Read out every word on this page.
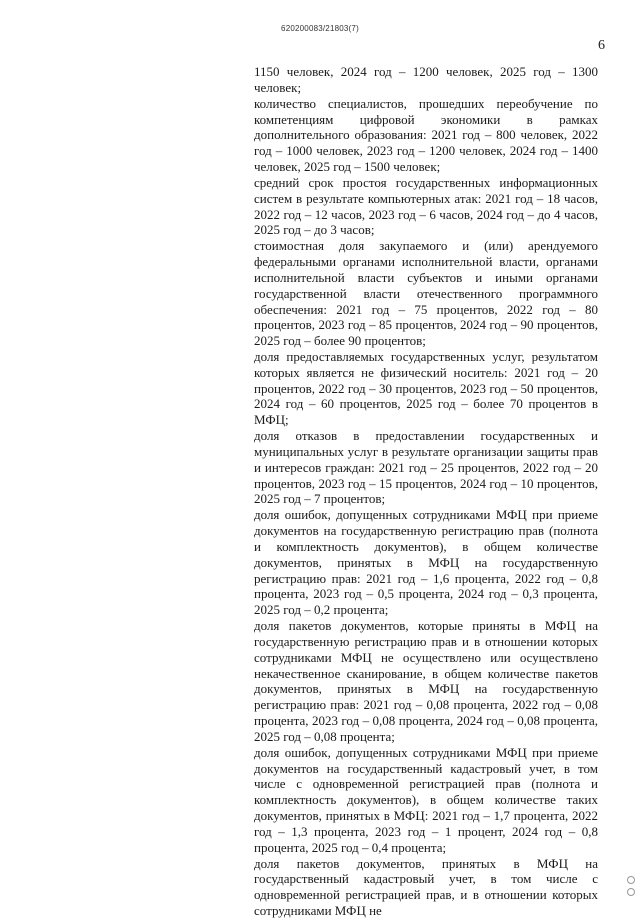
620200083/21803(7)
6

1150 человек, 2024 год – 1200 человек, 2025 год – 1300 человек;

количество специалистов, прошедших переобучение по компетенциям цифровой экономики в рамках дополнительного образования: 2021 год – 800 человек, 2022 год – 1000 человек, 2023 год – 1200 человек, 2024 год – 1400 человек, 2025 год – 1500 человек;

средний срок простоя государственных информационных систем в результате компьютерных атак: 2021 год – 18 часов, 2022 год – 12 часов, 2023 год – 6 часов, 2024 год – до 4 часов, 2025 год – до 3 часов;

стоимостная доля закупаемого и (или) арендуемого федеральными органами исполнительной власти, органами исполнительной власти субъектов и иными органами государственной власти отечественного программного обеспечения: 2021 год – 75 процентов, 2022 год – 80 процентов, 2023 год – 85 процентов, 2024 год – 90 процентов, 2025 год – более 90 процентов;

доля предоставляемых государственных услуг, результатом которых является не физический носитель: 2021 год – 20 процентов, 2022 год – 30 процентов, 2023 год – 50 процентов, 2024 год – 60 процентов, 2025 год – более 70 процентов в МФЦ;

доля отказов в предоставлении государственных и муниципальных услуг в результате организации защиты прав и интересов граждан: 2021 год – 25 процентов, 2022 год – 20 процентов, 2023 год – 15 процентов, 2024 год – 10 процентов, 2025 год – 7 процентов;

доля ошибок, допущенных сотрудниками МФЦ при приеме документов на государственную регистрацию прав (полнота и комплектность документов), в общем количестве документов, принятых в МФЦ на государственную регистрацию прав: 2021 год – 1,6 процента, 2022 год – 0,8 процента, 2023 год – 0,5 процента, 2024 год – 0,3 процента, 2025 год – 0,2 процента;

доля пакетов документов, которые приняты в МФЦ на государственную регистрацию прав и в отношении которых сотрудниками МФЦ не осуществлено или осуществлено некачественное сканирование, в общем количестве пакетов документов, принятых в МФЦ на государственную регистрацию прав: 2021 год – 0,08 процента, 2022 год – 0,08 процента, 2023 год – 0,08 процента, 2024 год – 0,08 процента, 2025 год – 0,08 процента;

доля ошибок, допущенных сотрудниками МФЦ при приеме документов на государственный кадастровый учет, в том числе с одновременной регистрацией прав (полнота и комплектность документов), в общем количестве таких документов, принятых в МФЦ: 2021 год – 1,7 процента, 2022 год – 1,3 процента, 2023 год – 1 процент, 2024 год – 0,8 процента, 2025 год – 0,4 процента;

доля пакетов документов, принятых в МФЦ на государственный кадастровый учет, в том числе с одновременной регистрацией прав, и в отношении которых сотрудниками МФЦ не
